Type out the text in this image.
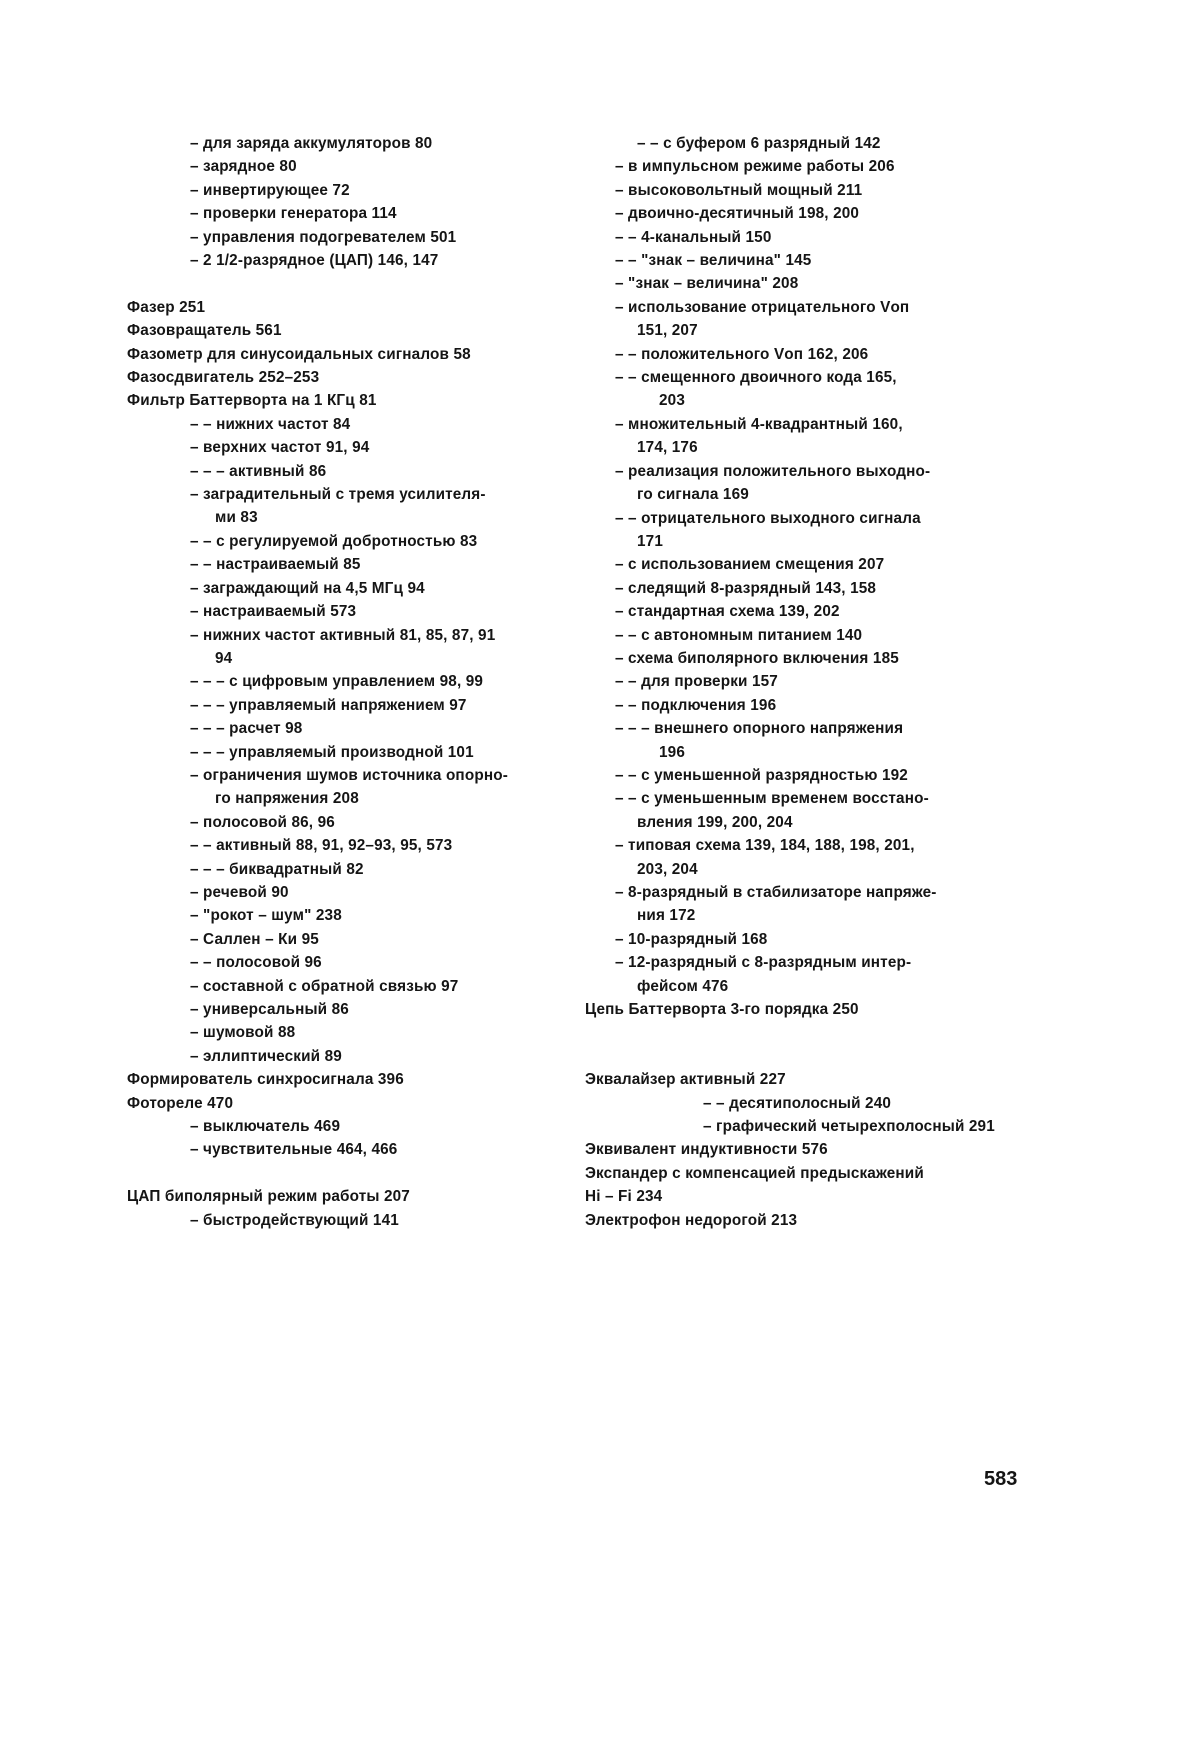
– для заряда аккумуляторов 80
– зарядное 80
– инвертирующее 72
– проверки генератора 114
– управления подогревателем 501
– 2 1/2-разрядное (ЦАП) 146, 147
Фазер 251
Фазовращатель 561
Фазометр для синусоидальных сигналов 58
Фазосдвигатель 252–253
Фильтр Баттерворта на 1 КГц 81
– – нижних частот 84
– верхних частот 91, 94
– – – активный 86
– заградительный с тремя усилителя-
ми 83
– – с регулируемой добротностью 83
– – настраиваемый 85
– заграждающий на 4,5 МГц 94
– настраиваемый 573
– нижних частот активный 81, 85, 87, 91
94
– – – с цифровым управлением 98, 99
– – – управляемый напряжением 97
– – – расчет 98
– – – управляемый производной 101
– ограничения шумов источника опорно-
го напряжения 208
– полосовой 86, 96
– – активный 88, 91, 92–93, 95, 573
– – – биквадратный 82
– речевой 90
– "рокот – шум" 238
– Саллен – Ки 95
– – полосовой 96
– составной с обратной связью 97
– универсальный 86
– шумовой 88
– эллиптический 89
Формирователь синхросигнала 396
Фотореле 470
– выключатель 469
– чувствительные 464, 466
ЦАП биполярный режим работы 207
– быстродействующий 141
– – с буфером 6 разрядный 142
– в импульсном режиме работы 206
– высоковольтный мощный 211
– двоично-десятичный 198, 200
– – 4-канальный 150
– – "знак – величина" 145
– "знак – величина" 208
– использование отрицательного Vоп
151, 207
– – положительного Vоп 162, 206
– – смещенного двоичного кода 165,
203
– множительный 4-квадрантный 160,
174, 176
– реализация положительного выходно-
го сигнала 169
– – отрицательного выходного сигнала
171
– с использованием смещения 207
– следящий 8-разрядный 143, 158
– стандартная схема 139, 202
– – с автономным питанием 140
– схема биполярного включения 185
– – для проверки 157
– – подключения 196
– – – внешнего опорного напряжения
196
– – с уменьшенной разрядностью 192
– – с уменьшенным временем восстано-
вления 199, 200, 204
– типовая схема 139, 184, 188, 198, 201,
203, 204
– 8-разрядный в стабилизаторе напряже-
ния 172
– 10-разрядный 168
– 12-разрядный с 8-разрядным интер-
фейсом 476
Цепь Баттерворта 3-го порядка 250
Эквалайзер активный 227
– – десятиполосный 240
– графический четырехполосный 291
Эквивалент индуктивности 576
Экспандер с компенсацией предыскажений
Hi – Fi 234
Электрофон недорогой 213
583
